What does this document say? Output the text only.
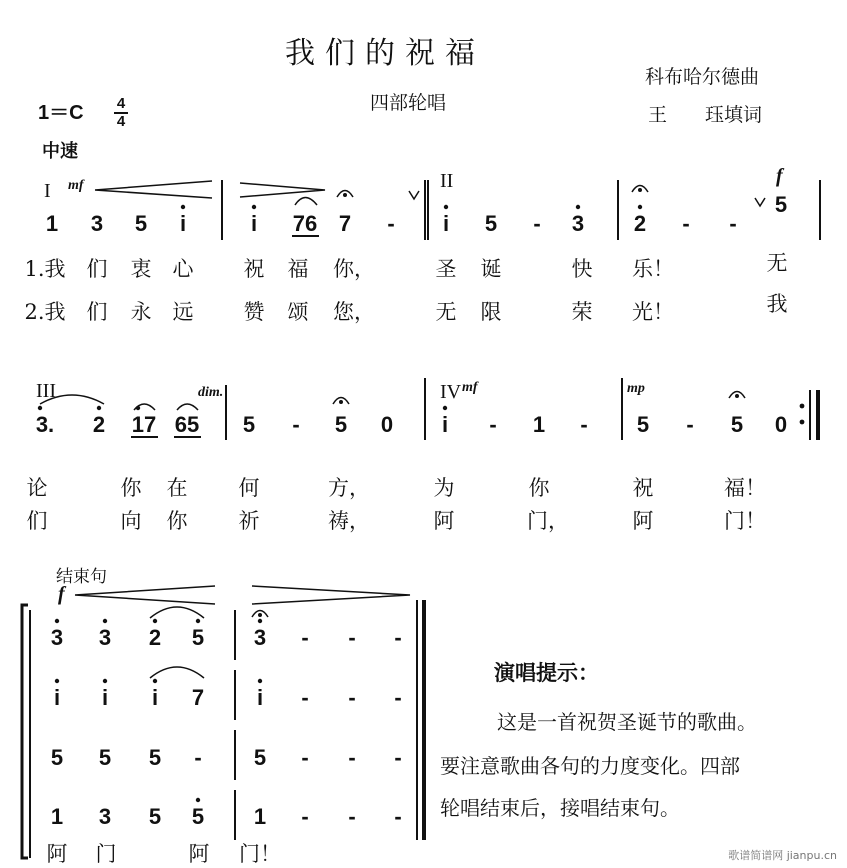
我们的祝福
四部轮唱
科布哈尔德曲
王 珏填词
1＝C 4
4
中速
I mf	II	f
1 3 5 i	i 76 7 - i 5 - 3 2 - -
5
1.我 们 衷 心 祝 福 你，	圣 诞	快 乐！	无
2.我 们 永 远 赞 颂 您，	无 限	荣 光！	我
III	dim.	IV mf	mp
3. 2 17 65 5 - 5 0 i - 1 - 5 - 5 0
论	你 在 何	方，	为	你	祝	福！
们	向 你 祈	祷，	阿	门，	阿	门！
结束句
f
3 3 2 5 3 - - -
i i i 7 i - - -
5 5 5 - 5 - - -
1 3 5 5 1 - - -
阿 门	阿 门！
演唱提示：
这是一首祝贺圣诞节的歌曲。
要注意歌曲各句的力度变化。四部
轮唱结束后，接唱结束句。
歌谱简谱网 jianpu.cn
